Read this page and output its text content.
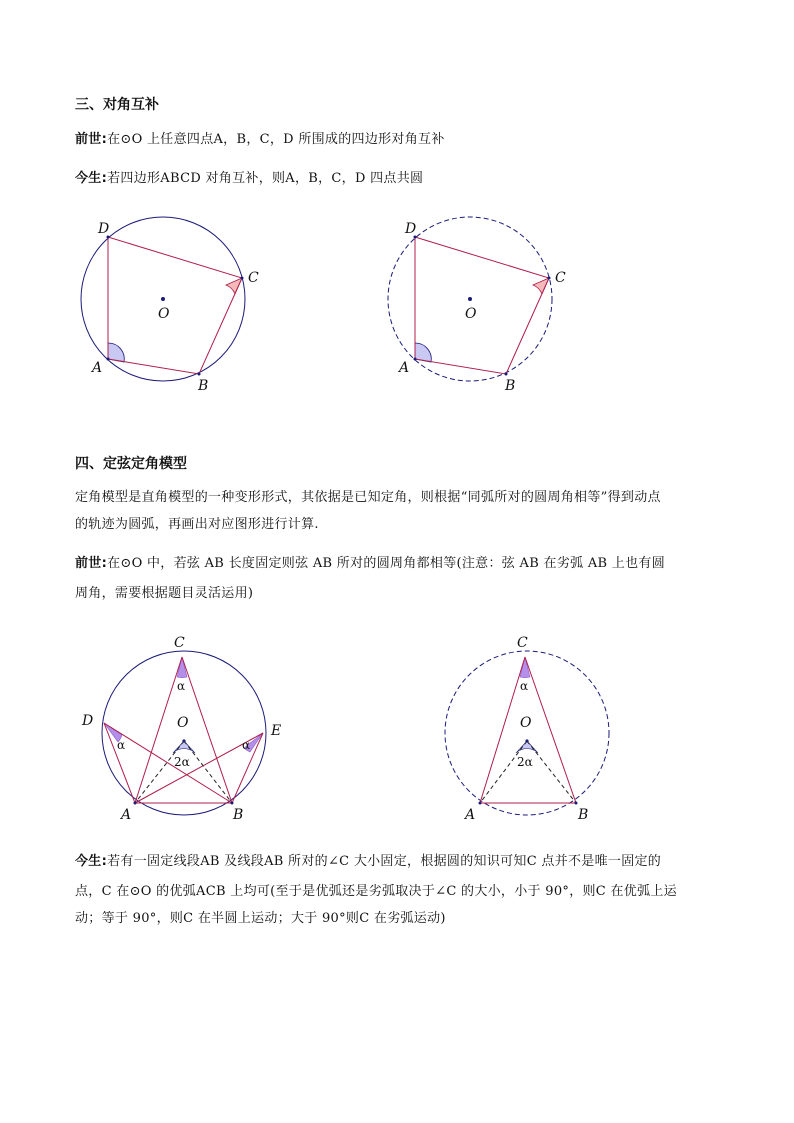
三、对角互补
前世:在⊙O 上任意四点A，B，C，D 所围成的四边形对角互补
今生:若四边形ABCD 对角互补，则A，B，C，D 四点共圆
D
C
O
A
B
D
C
O
A
B
四、定弦定角模型
定角模型是直角模型的一种变形形式，其依据是已知定角，则根据“同弧所对的圆周角相等”得到动点
的轨迹为圆弧，再画出对应图形进行计算.
前世:在⊙O 中，若弦 AB 长度固定则弦 AB 所对的圆周角都相等(注意：弦 AB 在劣弧 AB 上也有圆
周角，需要根据题目灵活运用)
C
D
E
O
A	B
α
α	α
2α
C
O
A	B
α
2α
今生:若有一固定线段AB 及线段AB 所对的∠C 大小固定，根据圆的知识可知C 点并不是唯一固定的
点，C 在⊙O 的优弧ACB 上均可(至于是优弧还是劣弧取决于∠C 的大小，小于 90°，则C 在优弧上运
动；等于 90°，则C 在半圆上运动；大于 90°则C 在劣弧运动)
